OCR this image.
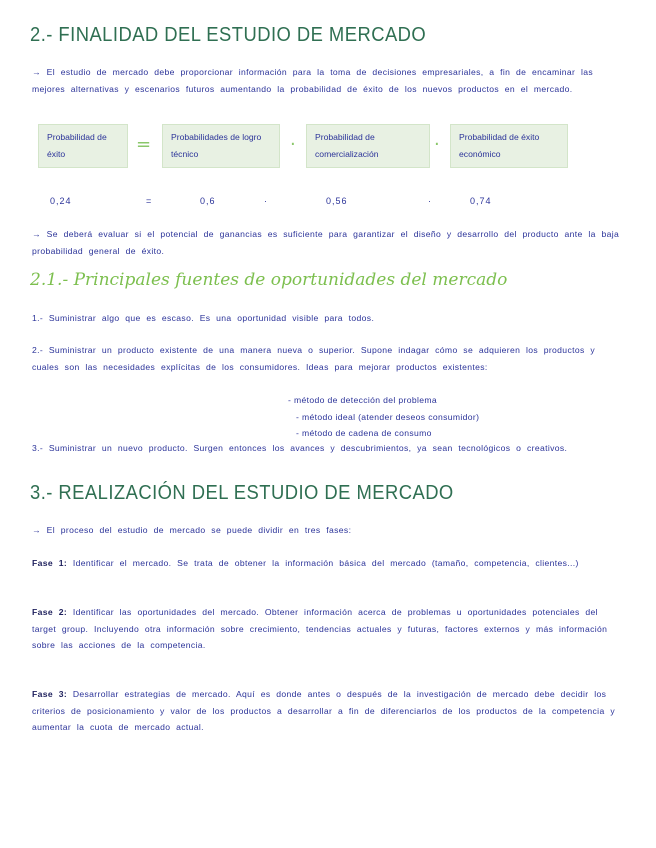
2.- FINALIDAD DEL ESTUDIO DE MERCADO
→ El estudio de mercado debe proporcionar información para la toma de decisiones empresariales, a fin de encaminar las mejores alternativas y escenarios futuros aumentando la probabilidad de éxito de los nuevos productos en el mercado.
Probabilidad de éxito	=	Probabilidades de logro técnico	·	Probabilidad de comercialización	·	Probabilidad de éxito económico
0,24	=	0,6	·	0,56	·	0,74
→ Se deberá evaluar si el potencial de ganancias es suficiente para garantizar el diseño y desarrollo del producto ante la baja probabilidad general de éxito.
2.1.- Principales fuentes de oportunidades del mercado
1.- Suministrar algo que es escaso. Es una oportunidad visible para todos.
2.- Suministrar un producto existente de una manera nueva o superior. Supone indagar cómo se adquieren los productos y cuales son las necesidades explícitas de los consumidores. Ideas para mejorar productos existentes:
- método de detección del problema
- método ideal (atender deseos consumidor)
- método de cadena de consumo
3.- Suministrar un nuevo producto. Surgen entonces los avances y descubrimientos, ya sean tecnológicos o creativos.
3.- REALIZACIÓN DEL ESTUDIO DE MERCADO
→ El proceso del estudio de mercado se puede dividir en tres fases:
Fase 1: Identificar el mercado. Se trata de obtener la información básica del mercado (tamaño, competencia, clientes...)
Fase 2: Identificar las oportunidades del mercado. Obtener información acerca de problemas u oportunidades potenciales del target group. Incluyendo otra información sobre crecimiento, tendencias actuales y futuras, factores externos y más información sobre las acciones de la competencia.
Fase 3: Desarrollar estrategias de mercado. Aquí es donde antes o después de la investigación de mercado debe decidir los criterios de posicionamiento y valor de los productos a desarrollar a fin de diferenciarlos de los productos de la competencia y aumentar la cuota de mercado actual.
